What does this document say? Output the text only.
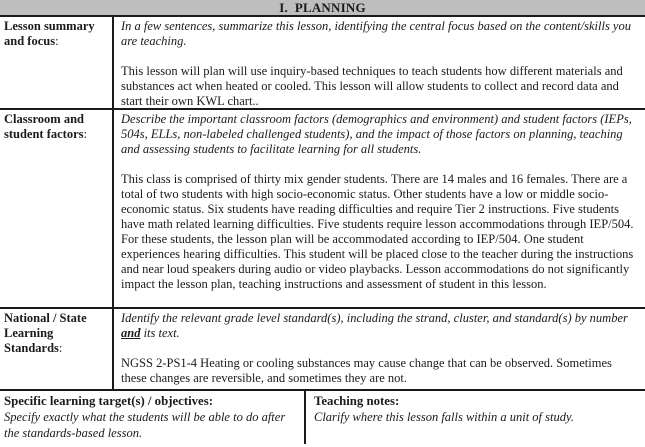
I.  PLANNING
Lesson summary and focus:
In a few sentences, summarize this lesson, identifying the central focus based on the content/skills you are teaching.
This lesson will plan will use inquiry-based techniques to teach students how different materials and substances act when heated or cooled. This lesson will allow students to collect and record data and start their own KWL chart..
Classroom and student factors:
Describe the important classroom factors (demographics and environment) and student factors (IEPs, 504s, ELLs, non-labeled challenged students), and the impact of those factors on planning, teaching and assessing students to facilitate learning for all students.
This class is comprised of thirty mix gender students. There are 14 males and 16 females. There are a total of two students with high socio-economic status. Other students have a low or middle socio-economic status. Six students have reading difficulties and require Tier 2 instructions. Five students have math related learning difficulties. Five students require lesson accommodations through IEP/504. For these students, the lesson plan will be accommodated according to IEP/504. One student experiences hearing difficulties. This student will be placed close to the teacher during the instructions and near loud speakers during audio or video playbacks. Lesson accommodations do not significantly impact the lesson plan, teaching instructions and assessment of student in this lesson.
National / State Learning Standards:
Identify the relevant grade level standard(s), including the strand, cluster, and standard(s) by number and its text.
NGSS 2-PS1-4 Heating or cooling substances may cause change that can be observed. Sometimes these changes are reversible, and sometimes they are not.
Specific learning target(s) / objectives:
Specify exactly what the students will be able to do after the standards-based lesson.
Teaching notes:
Clarify where this lesson falls within a unit of study.
